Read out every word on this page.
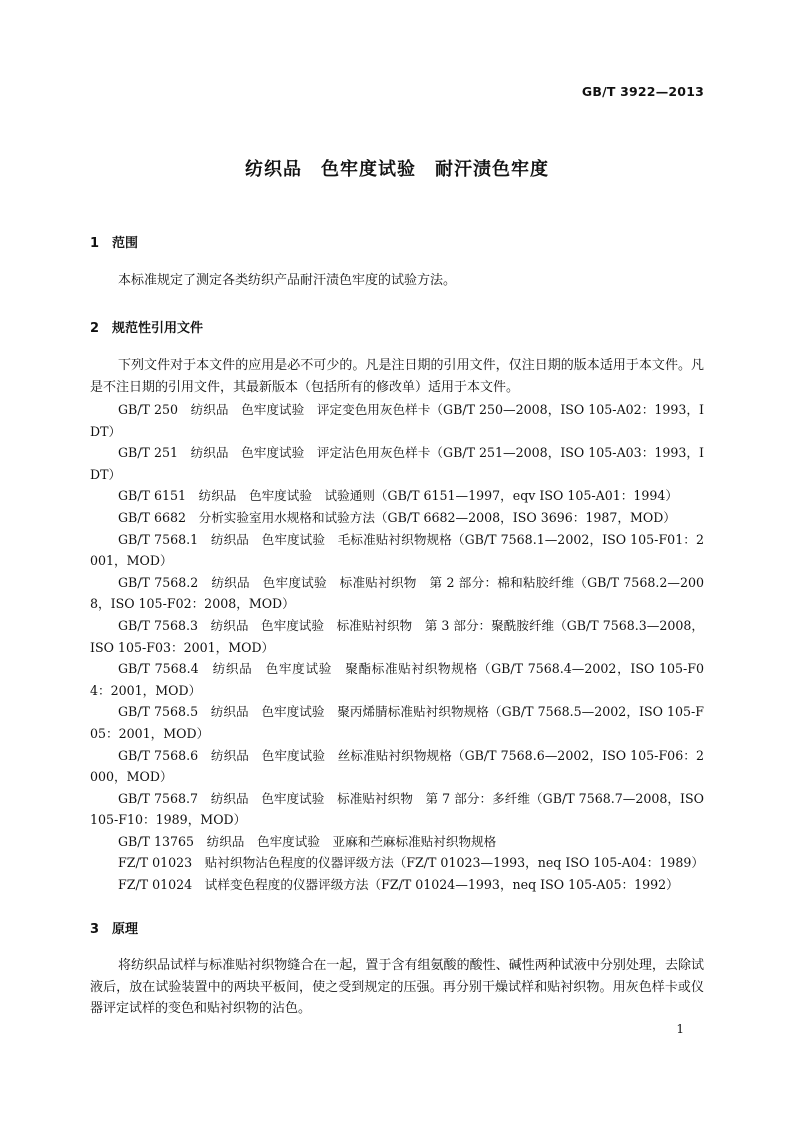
GB/T 3922—2013
纺织品　色牢度试验　耐汗渍色牢度
1 范围

本标准规定了测定各类纺织产品耐汗渍色牢度的试验方法。

2 规范性引用文件

下列文件对于本文件的应用是必不可少的。凡是注日期的引用文件，仅注日期的版本适用于本文件。凡是不注日期的引用文件，其最新版本（包括所有的修改单）适用于本文件。

GB/T 250　纺织品　色牢度试验　评定变色用灰色样卡（GB/T 250—2008，ISO 105-A02：1993，IDT）
GB/T 251　纺织品　色牢度试验　评定沾色用灰色样卡（GB/T 251—2008，ISO 105-A03：1993，IDT）
GB/T 6151　纺织品　色牢度试验　试验通则（GB/T 6151—1997，eqv ISO 105-A01：1994）
GB/T 6682　分析实验室用水规格和试验方法（GB/T 6682—2008，ISO 3696：1987，MOD）
GB/T 7568.1　纺织品　色牢度试验　毛标准贴衬织物规格（GB/T 7568.1—2002，ISO 105-F01：2001，MOD）
GB/T 7568.2　纺织品　色牢度试验　标准贴衬织物　第 2 部分：棉和粘胶纤维（GB/T 7568.2—2008，ISO 105-F02：2008，MOD）
GB/T 7568.3　纺织品　色牢度试验　标准贴衬织物　第 3 部分：聚酰胺纤维（GB/T 7568.3—2008，ISO 105-F03：2001，MOD）
GB/T 7568.4　纺织品　色牢度试验　聚酯标准贴衬织物规格（GB/T 7568.4—2002，ISO 105-F04：2001，MOD）
GB/T 7568.5　纺织品　色牢度试验　聚丙烯腈标准贴衬织物规格（GB/T 7568.5—2002，ISO 105-F05：2001，MOD）
GB/T 7568.6　纺织品　色牢度试验　丝标准贴衬织物规格（GB/T 7568.6—2002，ISO 105-F06：2000，MOD）
GB/T 7568.7　纺织品　色牢度试验　标准贴衬织物　第 7 部分：多纤维（GB/T 7568.7—2008，ISO 105-F10：1989，MOD）
GB/T 13765　纺织品　色牢度试验　亚麻和苎麻标准贴衬织物规格
FZ/T 01023　贴衬织物沾色程度的仪器评级方法（FZ/T 01023—1993，neq ISO 105-A04：1989）
FZ/T 01024　试样变色程度的仪器评级方法（FZ/T 01024—1993，neq ISO 105-A05：1992）
3 原理

将纺织品试样与标准贴衬织物缝合在一起，置于含有组氨酸的酸性、碱性两种试液中分别处理，去除试液后，放在试验装置中的两块平板间，使之受到规定的压强。再分别干燥试样和贴衬织物。用灰色样卡或仪器评定试样的变色和贴衬织物的沾色。

1
